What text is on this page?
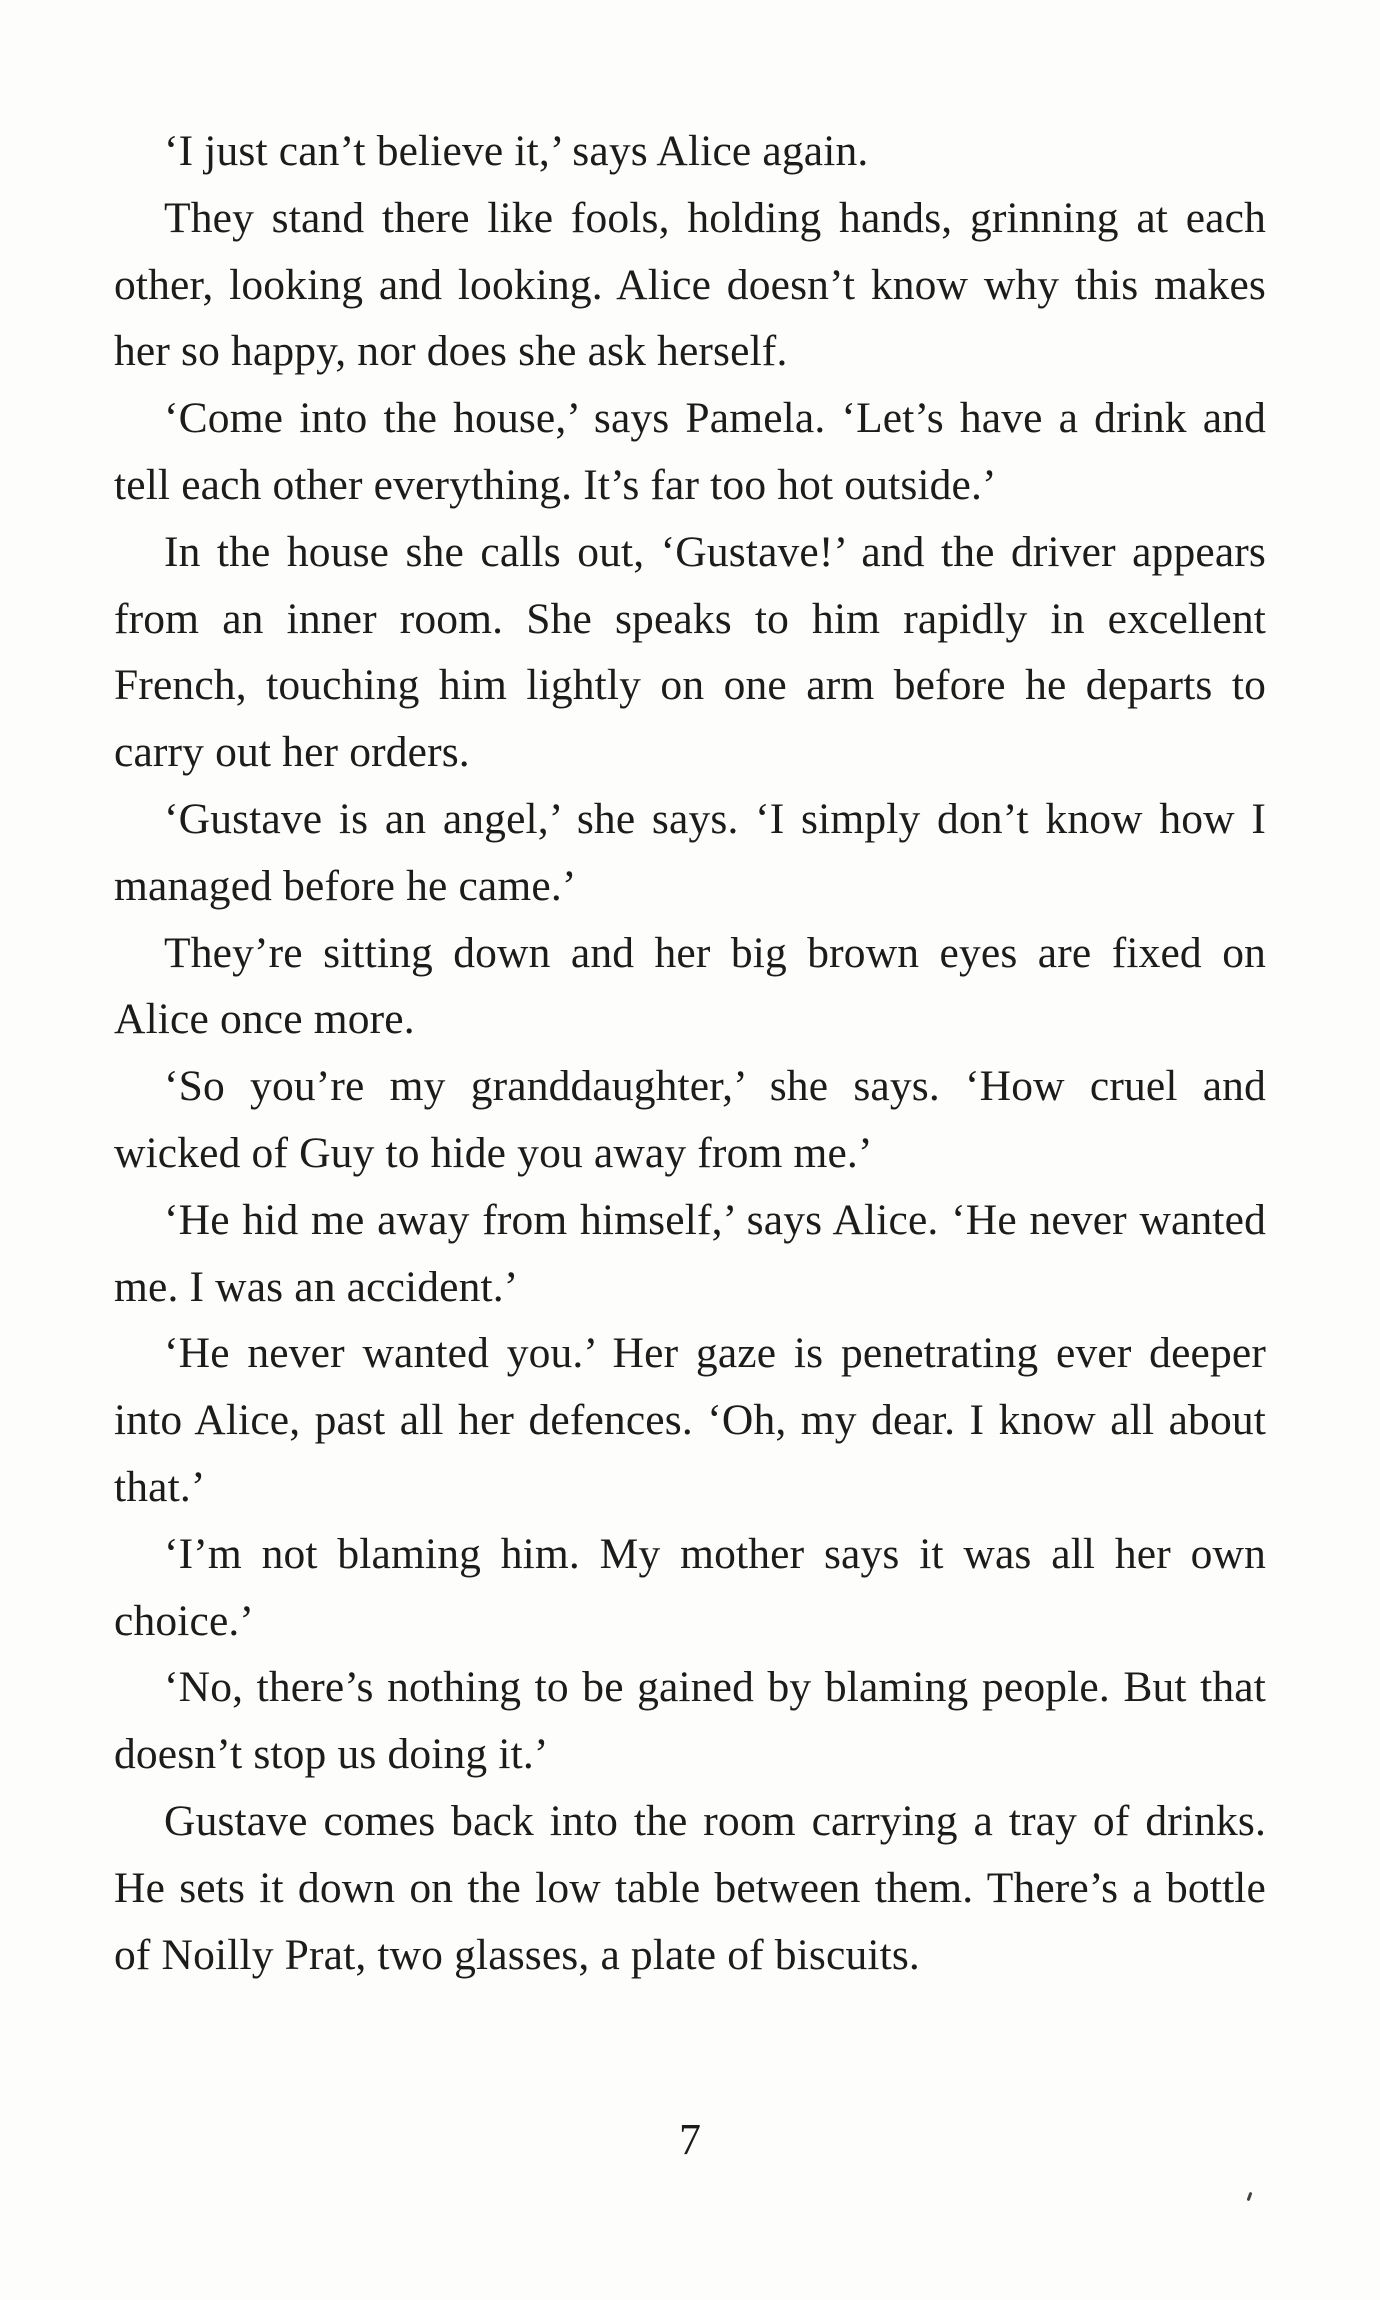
‘I just can’t believe it,’ says Alice again.

They stand there like fools, holding hands, grinning at each other, looking and looking. Alice doesn’t know why this makes her so happy, nor does she ask herself.

‘Come into the house,’ says Pamela. ‘Let’s have a drink and tell each other everything. It’s far too hot outside.’

In the house she calls out, ‘Gustave!’ and the driver appears from an inner room. She speaks to him rapidly in excellent French, touching him lightly on one arm before he departs to carry out her orders.

‘Gustave is an angel,’ she says. ‘I simply don’t know how I managed before he came.’

They’re sitting down and her big brown eyes are fixed on Alice once more.

‘So you’re my granddaughter,’ she says. ‘How cruel and wicked of Guy to hide you away from me.’

‘He hid me away from himself,’ says Alice. ‘He never wanted me. I was an accident.’

‘He never wanted you.’ Her gaze is penetrating ever deeper into Alice, past all her defences. ‘Oh, my dear. I know all about that.’

‘I’m not blaming him. My mother says it was all her own choice.’

‘No, there’s nothing to be gained by blaming people. But that doesn’t stop us doing it.’

Gustave comes back into the room carrying a tray of drinks. He sets it down on the low table between them. There’s a bottle of Noilly Prat, two glasses, a plate of biscuits.

7
